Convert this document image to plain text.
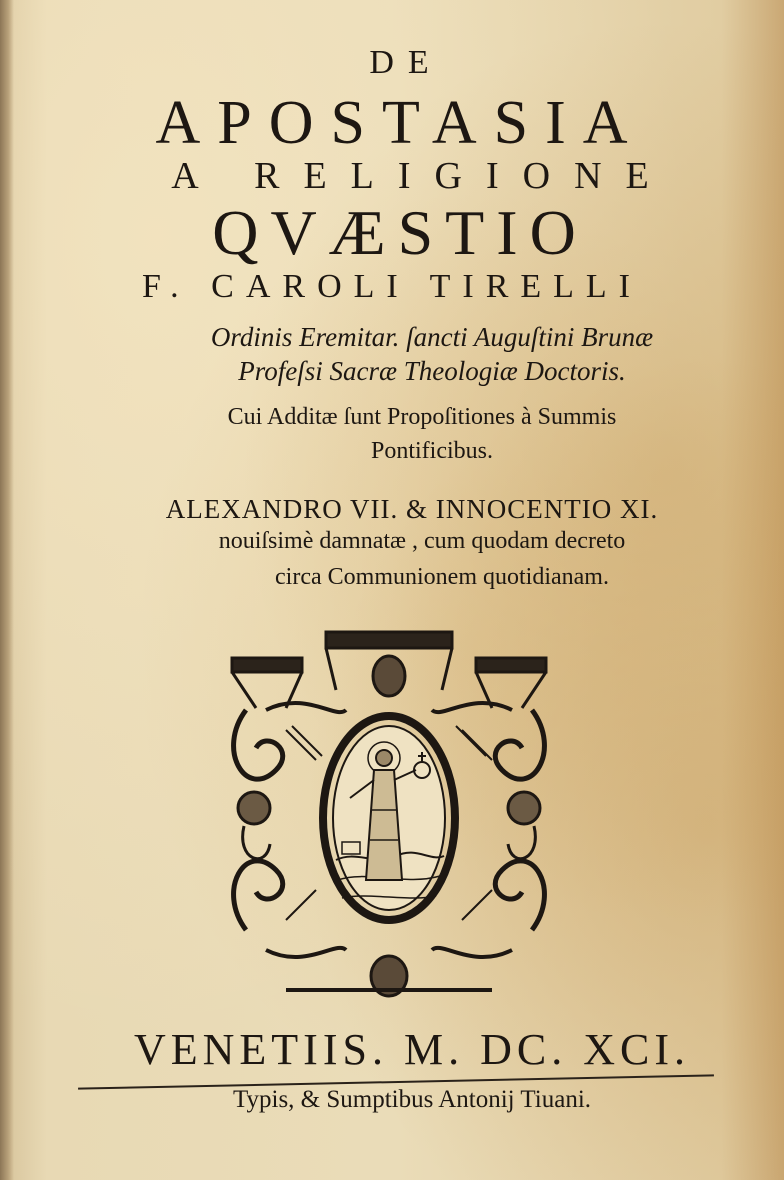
DE

APOSTASIA

A RELIGIONE

QVÆSTIO

F. CAROLI TIRELLI

Ordinis Eremitar. ſancti Auguſtini Brunæ

Profeſsi Sacræ Theologiæ Doctoris.

Cui Additæ ſunt Propoſitiones à Summis

Pontificibus.

ALEXANDRO VII. & INNOCENTIO XI.

nouiſsimè damnatæ , cum quodam decreto

circa Communionem quotidianam.

VENETIIS. M. DC. XCI.

Typis, & Sumptibus Antonij Tiuani.
